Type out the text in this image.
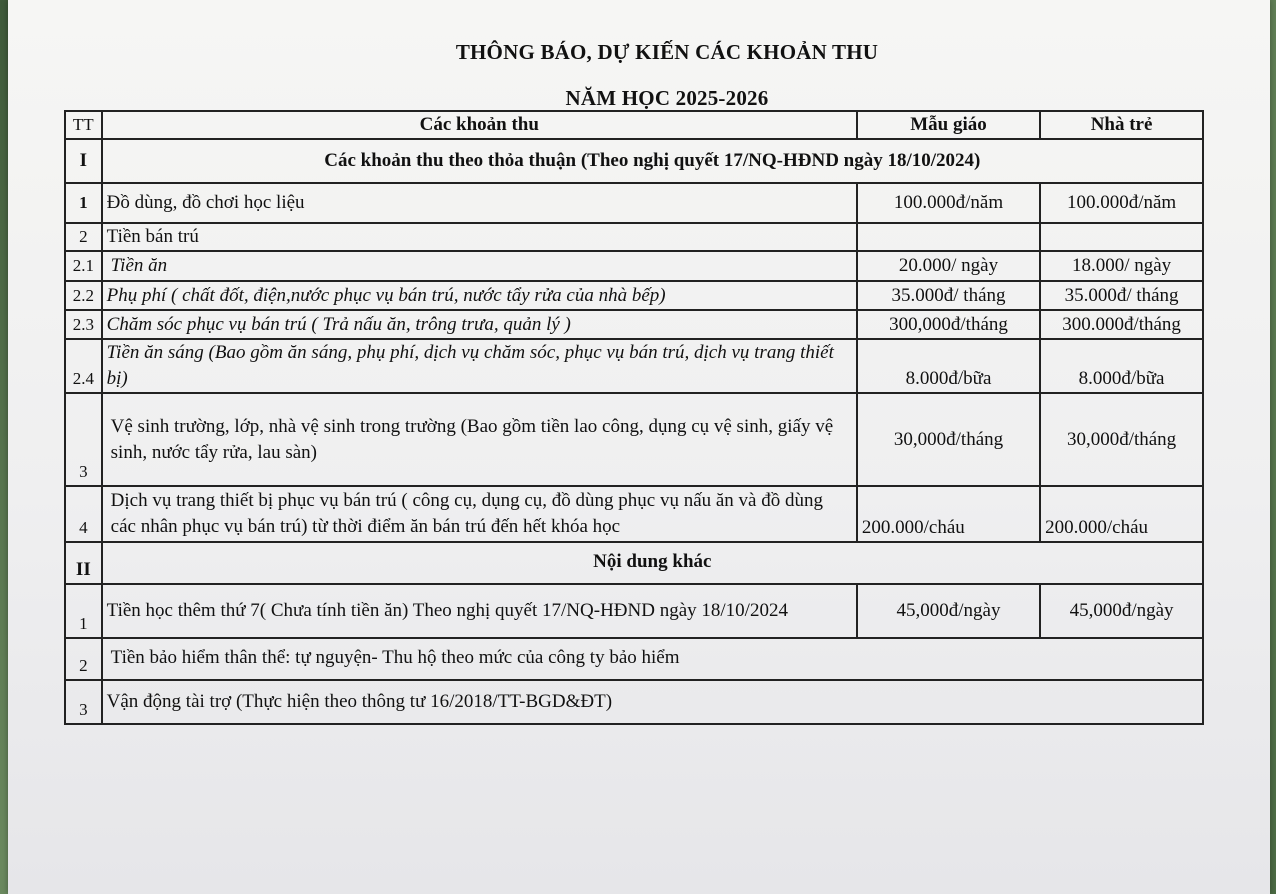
THÔNG BÁO, DỰ KIẾN CÁC KHOẢN THU
NĂM HỌC 2025-2026
TT	Các khoản thu	Mẫu giáo	Nhà trẻ
I	Các khoản thu theo thỏa thuận (Theo nghị quyết 17/NQ-HĐND ngày 18/10/2024)		
1	Đồ dùng, đồ chơi học liệu	100.000đ/năm	100.000đ/năm
2	Tiền bán trú		
2.1	Tiền ăn	20.000/ ngày	18.000/ ngày
2.2	Phụ phí ( chất đốt, điện,nước phục vụ bán trú, nước tẩy rửa của nhà bếp)	35.000đ/ tháng	35.000đ/ tháng
2.3	Chăm sóc phục vụ bán trú ( Trả nấu ăn, trông trưa, quản lý )	300,000đ/tháng	300.000đ/tháng
2.4	Tiền ăn sáng (Bao gồm ăn sáng, phụ phí, dịch vụ chăm sóc, phục vụ bán trú, dịch vụ trang thiết bị)	8.000đ/bữa	8.000đ/bữa
3	Vệ sinh trường, lớp, nhà vệ sinh trong trường (Bao gồm tiền lao công, dụng cụ vệ sinh, giấy vệ sinh, nước tẩy rửa, lau sàn)	30,000đ/tháng	30,000đ/tháng
4	Dịch vụ trang thiết bị phục vụ bán trú ( công cụ, dụng cụ, đồ dùng phục vụ nấu ăn và đồ dùng các nhân phục vụ bán trú) từ thời điểm ăn bán trú đến hết khóa học	200.000/cháu	200.000/cháu
II	Nội dung khác		
1	Tiền học thêm thứ 7( Chưa tính tiền ăn) Theo nghị quyết 17/NQ-HĐND ngày 18/10/2024	45,000đ/ngày	45,000đ/ngày
2	Tiền bảo hiểm thân thể: tự nguyện- Thu hộ theo mức của công ty bảo hiểm		
3	Vận động tài trợ (Thực hiện theo thông tư 16/2018/TT-BGD&ĐT)		
